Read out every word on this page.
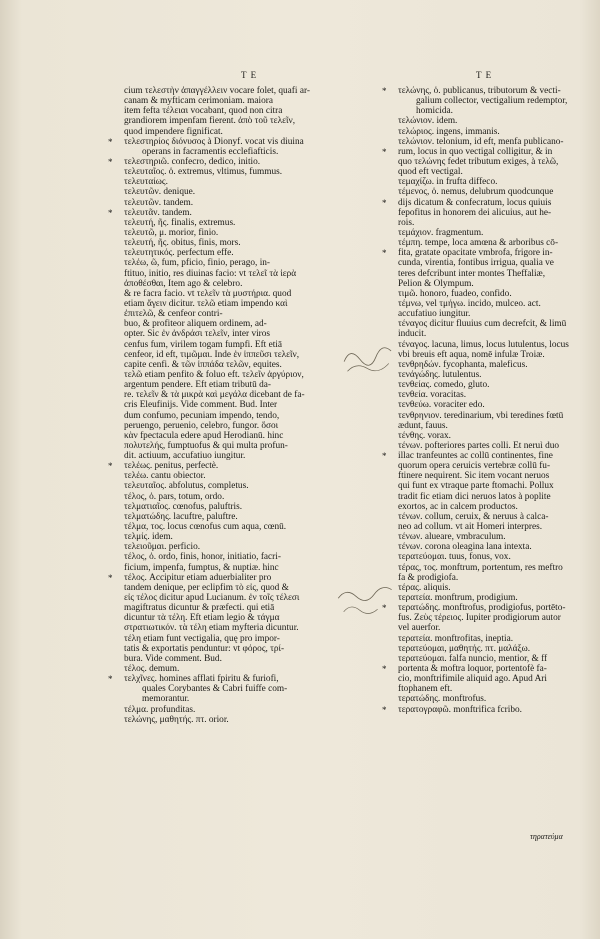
T E	T E
cium τελεστὴν ἀπαγγέλλειν vocare folet, quafi ar-
canam & myfticam cerimoniam. maiora
item fefta τέλειαι vocabant, quod non citra
grandiorem impenfam fierent. ἀπὸ τοῦ τελεῖν,
quod impendere fignificat.
* τελεστηρίος διόνυσος à Dionyf. vocat vis diuina
operans in facramentis ecclefiafticis.
* τελεστηριῶ. confecro, dedico, initio.
τελευταῖος. ὁ. extremus, vltimus, fummus.
τελευταίως.
τελευτῶν. denique.
τελευτῶν. tandem.
* τελευτᾶν. tandem.
τελευτή, ῆς. finalis, extremus.
τελευτῶ, μ. morior, finio.
τελευτή, ῆς. obitus, finis, mors.
τελευτητικός. perfectum effe.
τελέω, ῶ, fum, pficio, finio, perago, in-
ftituo, initio, res diuinas facio: vt τελεῖ τὰ ἱερὰ
ἀποθέσθαι, Item ago & celebro.
& re facra facio. vt τελεῖν τὰ μυστήρια. quod
etiam ἄγειν dicitur. τελῶ etiam impendo καὶ
ἐπιτελῶ, & cenfeor contri-
buo, & profiteor aliquem ordinem, ad-
opter. Sic ἐν ἀνδράσι τελεῖν, inter viros
cenfus fum, virilem togam fumpfi. Eft etiā
cenfeor, id eft, τιμῶμαι. Inde ἐν ἱππεῦσι τελεῖν,
capite cenfi. & τῶν ἱππάδα τελῶν, equites.
τελῶ etiam penfito & foluo eft. τελεῖν ἀργύριον,
argentum pendere. Eft etiam tributū da-
re. τελεῖν & τὰ μικρὰ καὶ μεγάλα dicebant de fa-
cris Eleufinijs. Vide comment. Bud. Inter
dum confumo, pecuniam impendo, tendo,
peruengo, peruenio, celebro, fungor. ὅσοι
κὰν fpectacula edere apud Herodianū. hinc
πολυτελής, fumptuofus & qui multa profun-
dit. actiuum, accufatiuo iungitur.
* τελέως. penitus, perfectè.
τελέω. cantu obiector.
τελευταῖος. abfolutus, completus.
τέλος, ὁ. pars, totum, ordo.
τελματιαῖος. cœnofus, paluftris.
τελματώδης. lacuftre, paluftre.
τέλμα, τος. locus cœnofus cum aqua, cœnū.
τελμίς. idem.
τελειοῦμαι. perficio.
τέλος, ὁ. ordo, finis, honor, initiatio, facri-
ficium, impenfa, fumptus, & nuptiæ. hinc
* τέλος. Accipitur etiam aduerbialiter pro
tandem denique, per eclipfim τὸ εἰς, quod &
εἰς τέλος dicitur apud Lucianum. ἐν τοῖς τέλεσι
magiftratus dicuntur & præfecti. qui etiā
dicuntur τὰ τέλη. Eft etiam legio & τάγμα
στρατιωτικόν. τὰ τέλη etiam myfteria dicuntur.
τέλη etiam funt vectigalia, quę pro impor-
tatis & exportatis penduntur: vt φόρος, τρί-
bura. Vide comment. Bud.
τέλος. demum.
* τελχῖνες. homines afflati fpiritu & furiofi,
quales Corybantes & Cabri fuiffe com-
memorantur.
τέλμα. profunditas.
τελώνης, μαθητής. πτ. orior.
* τελώνης, ὁ. publicanus, tributorum & vecti-
galium collector, vectigalium redemptor,
homicida.
τελώνιον. idem.
τελώριος. ingens, immanis.
τελώνιον. telonium, id eft, menfa publicano-
* rum, locus in quo vectigal colligitur, & in
quo τελώνης fedet tributum exiges, à τελῶ,
quod eft vectigal.
τεμαχίζω. in frufta diffeco.
τέμενος, ὁ. nemus, delubrum quodcunque
* dijs dicatum & confecratum, locus quiuis
fepofitus in honorem dei alicuius, aut he-
rois.
τεμάχιον. fragmentum.
τέμπη. tempe, loca amœna & arboribus cō-
* fita, gratate opacitate vmbrofa, frigore in-
cunda, virentia, fontibus irrigua, qualia ve
teres defcribunt inter montes Theffaliæ,
Pelion & Olympum.
τιμῶ. honoro, fuadeo, confido.
τέμνω, vel τμήγω. incido, mulceo. act.
accufatiuo iungitur.
τέναγος dicitur fluuius cum decrefcit, & limū
inducit.
τέναγος. lacuna, limus, locus lutulentus, locus
vbi breuis eft aqua, nomē infulæ Troiæ.
τενθρηδών. fycophanta, maleficus.
τενάγώδης. lutulentus.
τενθείας. comedo, gluto.
τενθεία. voracitas.
τενθεύω. voraciter edo.
τενθρηνιον. teredinarium, vbi teredines fœtū
ædunt, fauus.
τένθης. vorax.
τένων. pofteriores partes colli. Et neruì duo
* illac tranfeuntes ac collū continentes, fine
quorum opera ceruicis vertebræ collū fu-
ftinere nequirent. Sic item vocant neruos
qui funt ex vtraque parte ftomachi. Pollux
tradit fic etiam dici neruos latos à poplite
exortos, ac in calcem productos.
τένων. collum, ceruix, & neruus à calca-
neo ad collum. vt ait Homeri interpres.
τένων. alueare, vmbraculum.
τένων. corona oleagina lana intexta.
τερατεύομαι. tuus, fonus, vox.
τέρας, τος. monftrum, portentum, res meftro
fa & prodigiofa.
τέρας. aliquis.
τερατεία. monftrum, prodigium.
* τερατώδης. monftrofus, prodigiofus, portēto-
fus. Ζεὺς τέρειος. Iupiter prodigiorum autor
vel auerfor.
τερατεία. monftrofitas, ineptia.
τερατεύομαι, μαθητής. πτ. μαλάξω.
τερατεύομαι. falfa nuncio, mentior, & ff
* portenta & moftra loquor, portentofè fa-
cio, monftrifimile aliquid ago. Apud Ari
ftophanem eft.
τερατώδης. monftrofus.
* τερατογραφῶ. monftrifica fcribo.
τηρατεύμα
